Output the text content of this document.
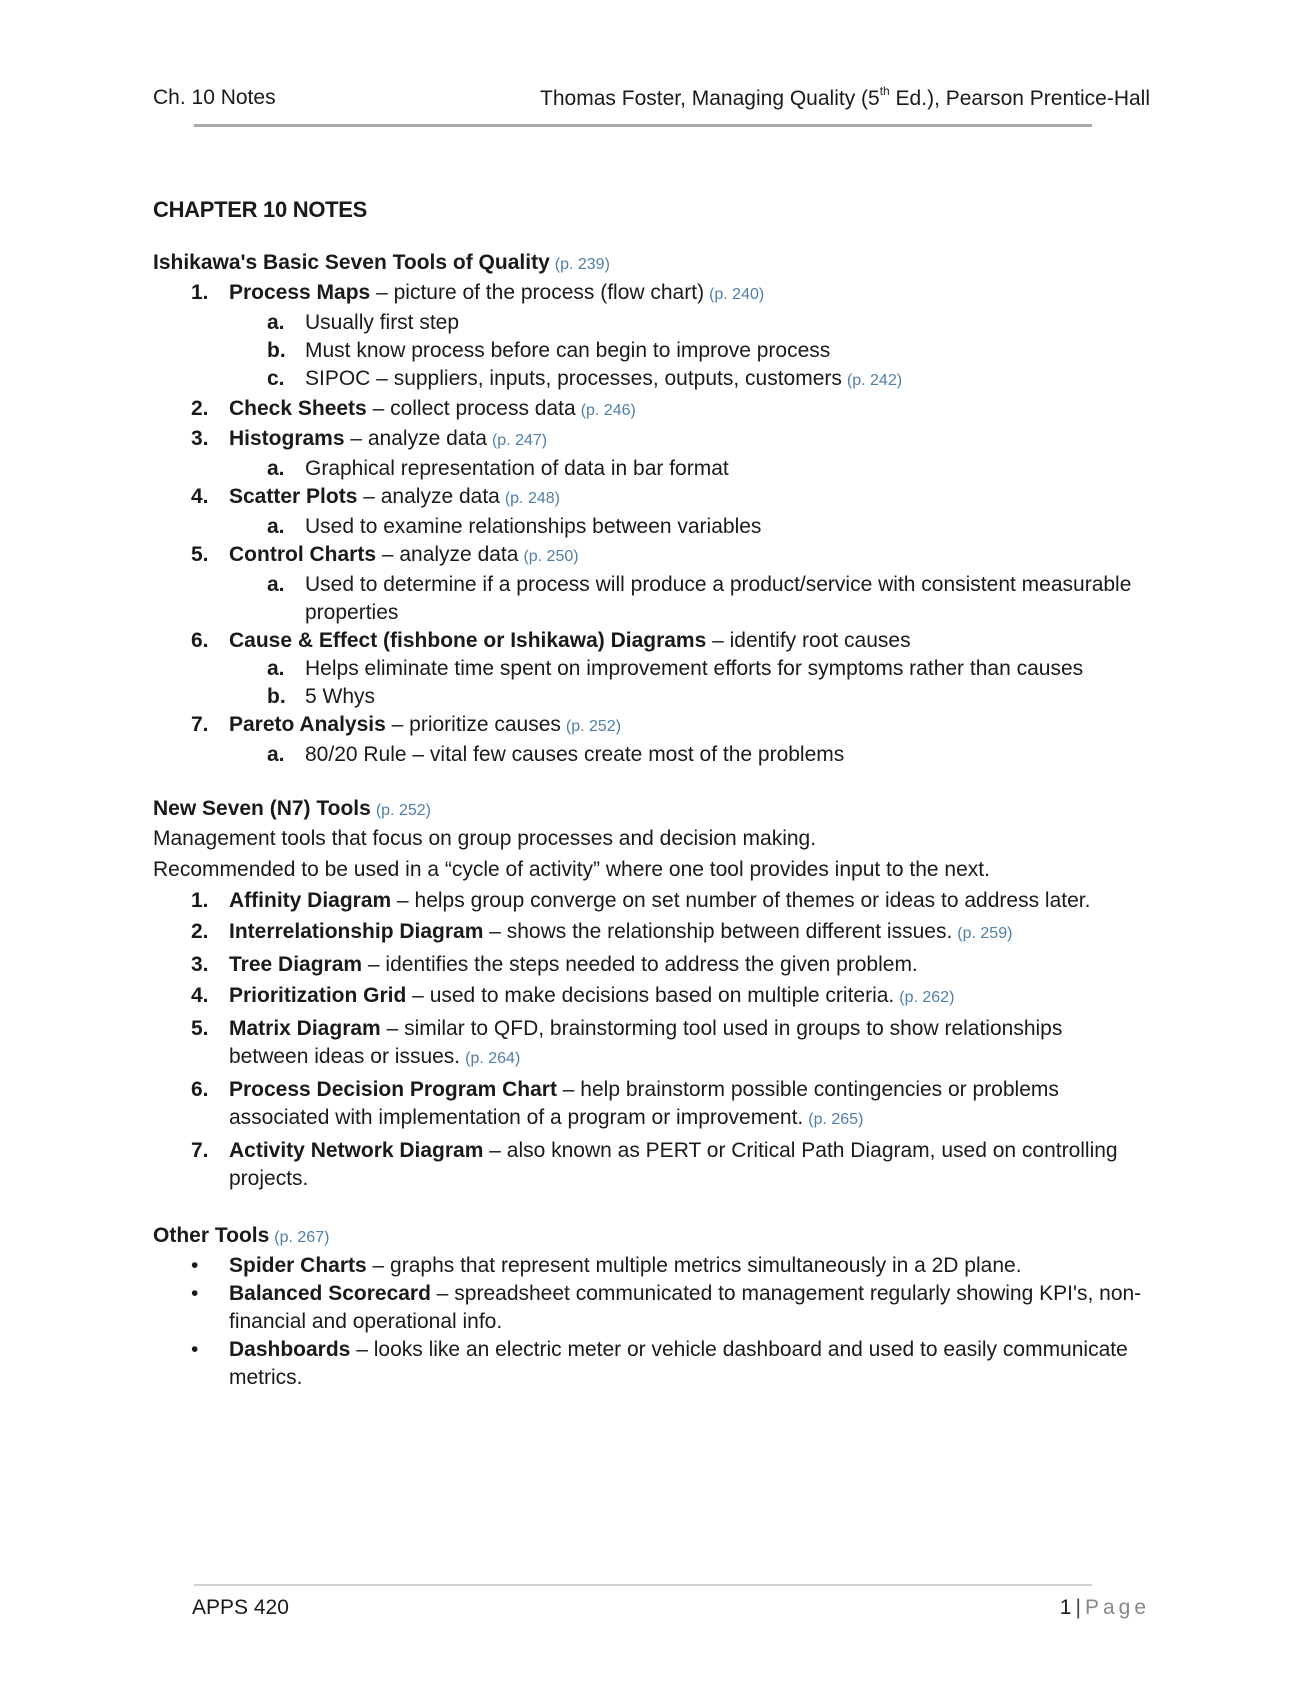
Ch. 10 Notes	Thomas Foster, Managing Quality (5th Ed.), Pearson Prentice-Hall
CHAPTER 10 NOTES
Ishikawa's Basic Seven Tools of Quality (p. 239)
1. Process Maps – picture of the process (flow chart) (p. 240)
a. Usually first step
b. Must know process before can begin to improve process
c. SIPOC – suppliers, inputs, processes, outputs, customers (p. 242)
2. Check Sheets – collect process data (p. 246)
3. Histograms – analyze data (p. 247)
a. Graphical representation of data in bar format
4. Scatter Plots – analyze data (p. 248)
a. Used to examine relationships between variables
5. Control Charts – analyze data (p. 250)
a. Used to determine if a process will produce a product/service with consistent measurable properties
6. Cause & Effect (fishbone or Ishikawa) Diagrams – identify root causes
a. Helps eliminate time spent on improvement efforts for symptoms rather than causes
b. 5 Whys
7. Pareto Analysis – prioritize causes (p. 252)
a. 80/20 Rule – vital few causes create most of the problems
New Seven (N7) Tools (p. 252)

Management tools that focus on group processes and decision making.

Recommended to be used in a “cycle of activity” where one tool provides input to the next.

1. Affinity Diagram – helps group converge on set number of themes or ideas to address later.
2. Interrelationship Diagram – shows the relationship between different issues. (p. 259)
3. Tree Diagram – identifies the steps needed to address the given problem.
4. Prioritization Grid – used to make decisions based on multiple criteria. (p. 262)
5. Matrix Diagram – similar to QFD, brainstorming tool used in groups to show relationships between ideas or issues. (p. 264)
6. Process Decision Program Chart – help brainstorm possible contingencies or problems associated with implementation of a program or improvement. (p. 265)
7. Activity Network Diagram – also known as PERT or Critical Path Diagram, used on controlling projects.
Other Tools (p. 267)
• Spider Charts – graphs that represent multiple metrics simultaneously in a 2D plane.
• Balanced Scorecard – spreadsheet communicated to management regularly showing KPI's, non-financial and operational info.
• Dashboards – looks like an electric meter or vehicle dashboard and used to easily communicate metrics.
APPS 420	1 | Page
